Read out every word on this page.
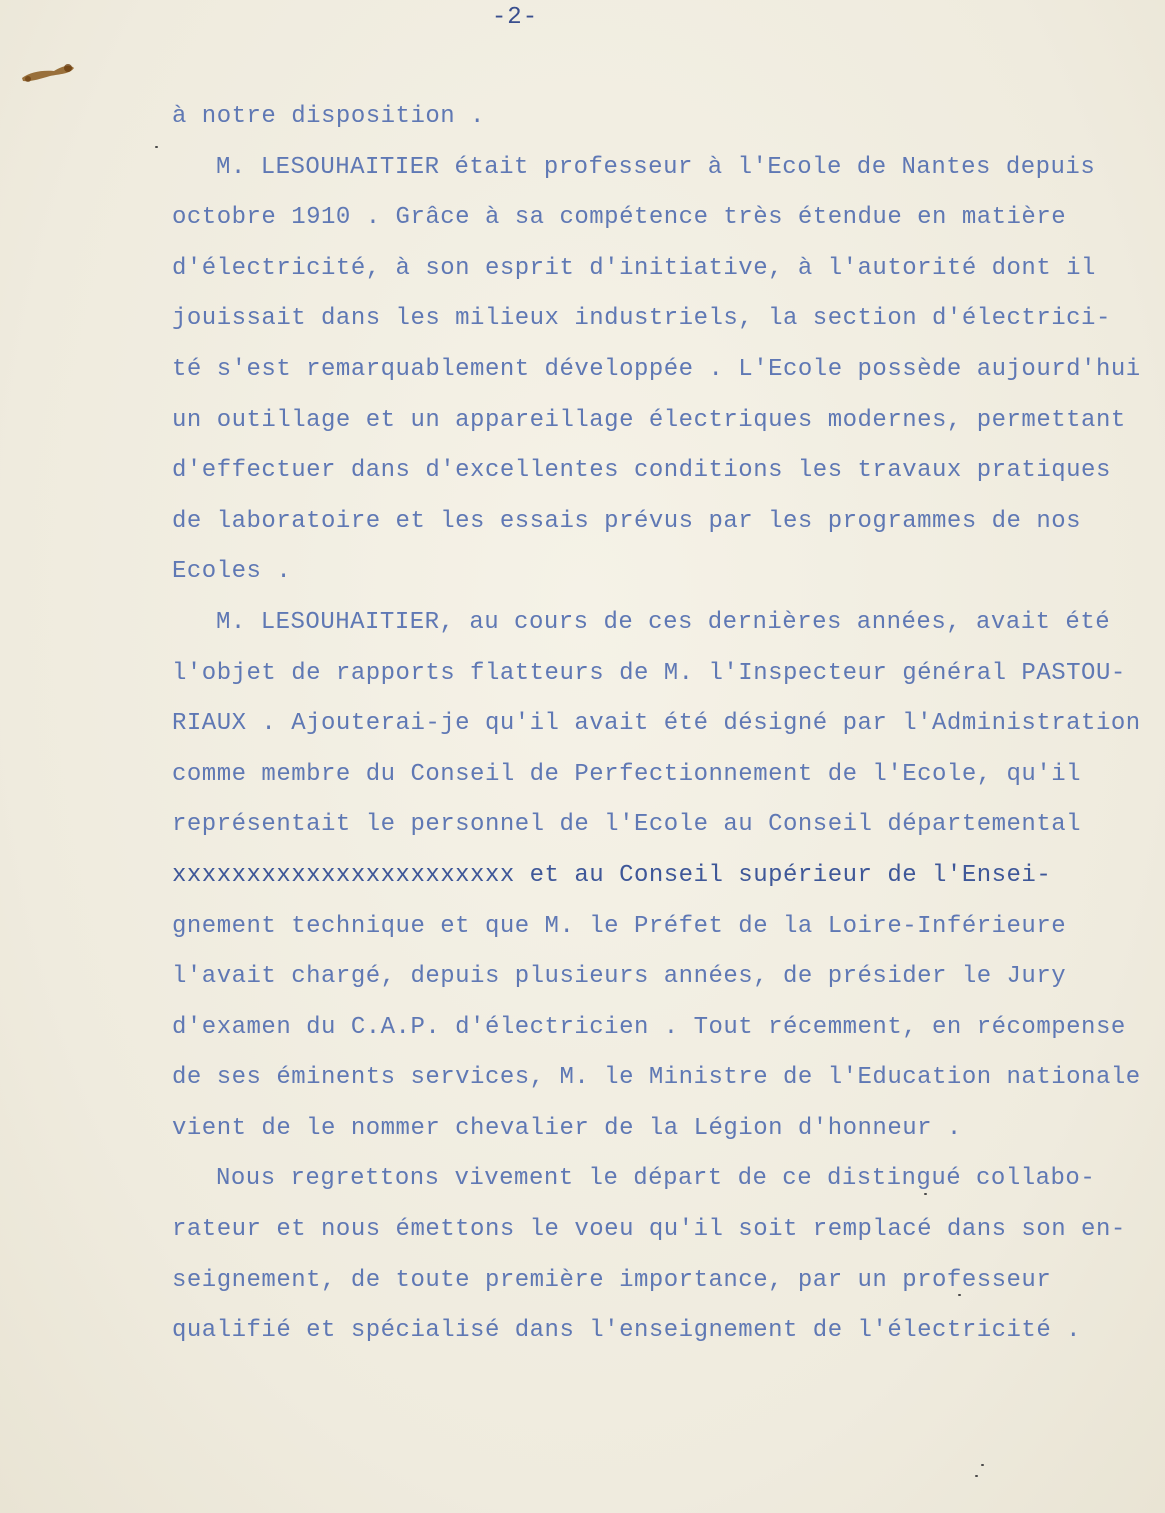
-2-
à notre disposition .
M. LESOUHAITIER était professeur à l'Ecole de Nantes depuis
octobre 1910 . Grâce à sa compétence très étendue en matière
d'électricité, à son esprit d'initiative, à l'autorité dont il
jouissait dans les milieux industriels, la section d'électrici-
té s'est remarquablement développée . L'Ecole possède aujourd'hui
un outillage et un appareillage électriques modernes, permettant
d'effectuer dans d'excellentes conditions les travaux pratiques
de laboratoire et les essais prévus par les programmes de nos
Ecoles .
M. LESOUHAITIER, au cours de ces dernières années, avait été
l'objet de rapports flatteurs de M. l'Inspecteur général PASTOU-
RIAUX . Ajouterai-je qu'il avait été désigné par l'Administration
comme membre du Conseil de Perfectionnement de l'Ecole, qu'il
représentait le personnel de l'Ecole au Conseil départemental
xxxxxxxxxxxxxxxxxxxxxxx et au Conseil supérieur de l'Ensei-
gnement technique et que M. le Préfet de la Loire-Inférieure
l'avait chargé, depuis plusieurs années, de présider le Jury
d'examen du C.A.P. d'électricien . Tout récemment, en récompense
de ses éminents services, M. le Ministre de l'Education nationale
vient de le nommer chevalier de la Légion d'honneur .
Nous regrettons vivement le départ de ce distingué collabo-
rateur et nous émettons le voeu qu'il soit remplacé dans son en-
seignement, de toute première importance, par un professeur
qualifié et spécialisé dans l'enseignement de l'électricité .
